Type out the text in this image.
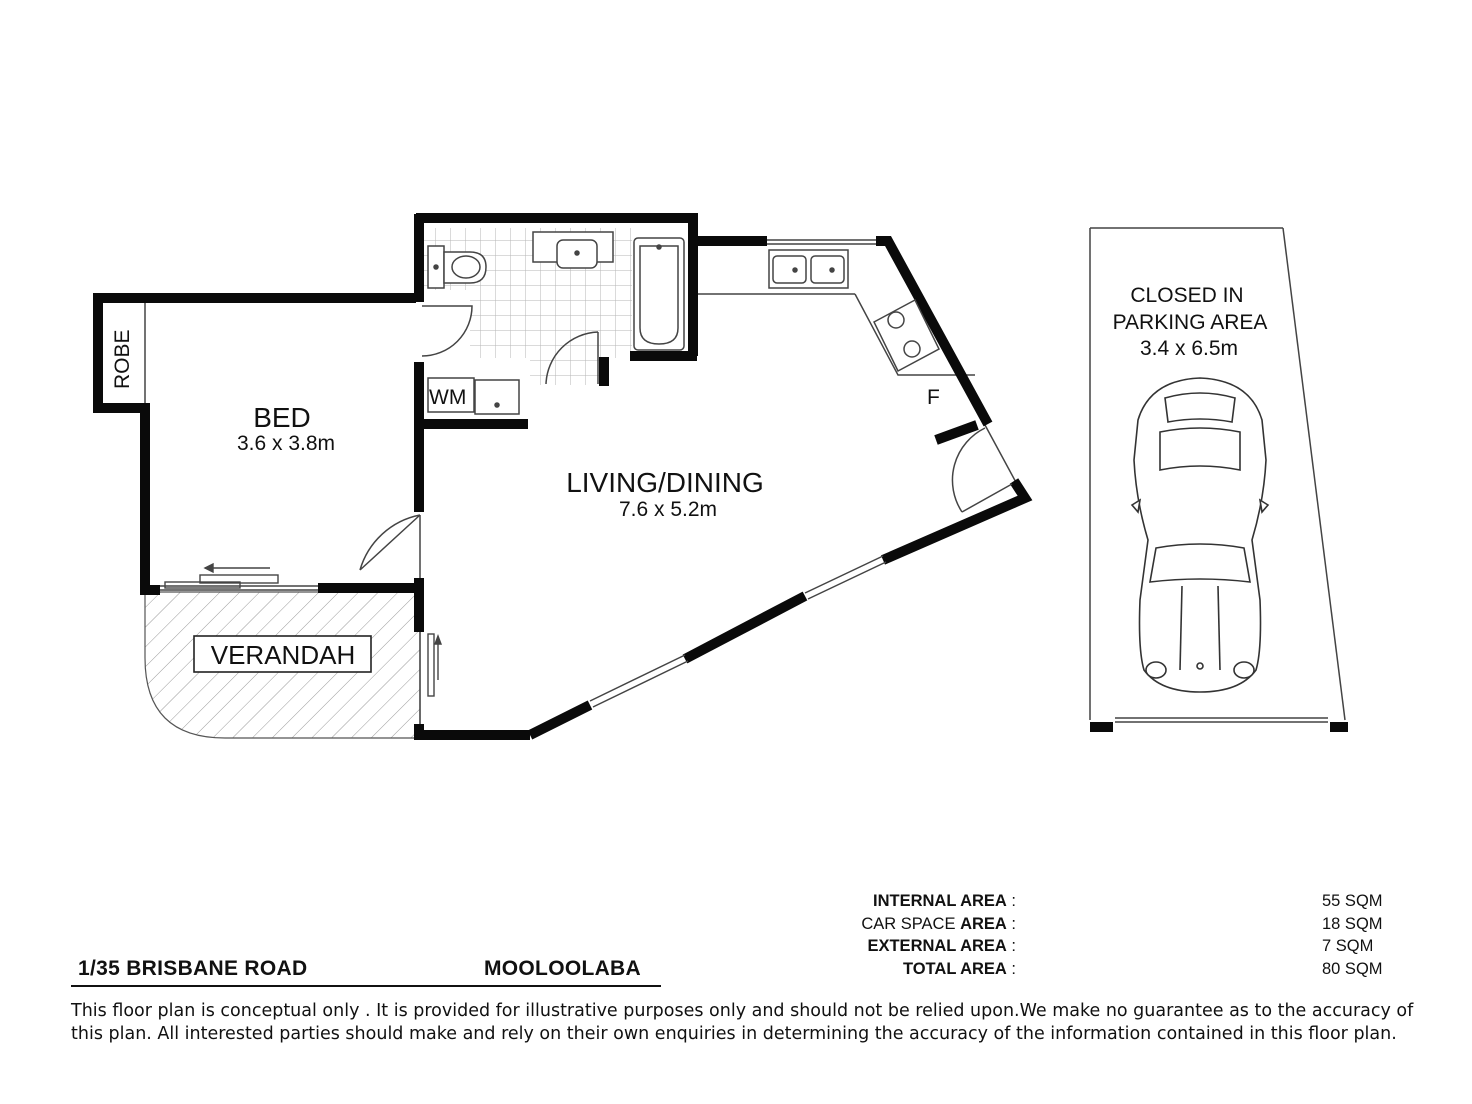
ROBE
BED
3.6 x 3.8m
WM	F
LIVING/DINING
7.6 x 5.2m
VERANDAH
CLOSED IN
PARKING AREA
3.4 x 6.5m
INTERNAL AREA :	55 SQM
CAR SPACE AREA :	18 SQM
EXTERNAL AREA :	7 SQM
TOTAL AREA :	80 SQM
1/35 BRISBANE ROAD	MOOLOOLABA
This floor plan is conceptual only . It is provided for illustrative purposes only and should not be relied upon.We make no guarantee as to the accuracy of this plan. All interested parties should make and rely on their own enquiries in determining the accuracy of the information contained in this floor plan.
